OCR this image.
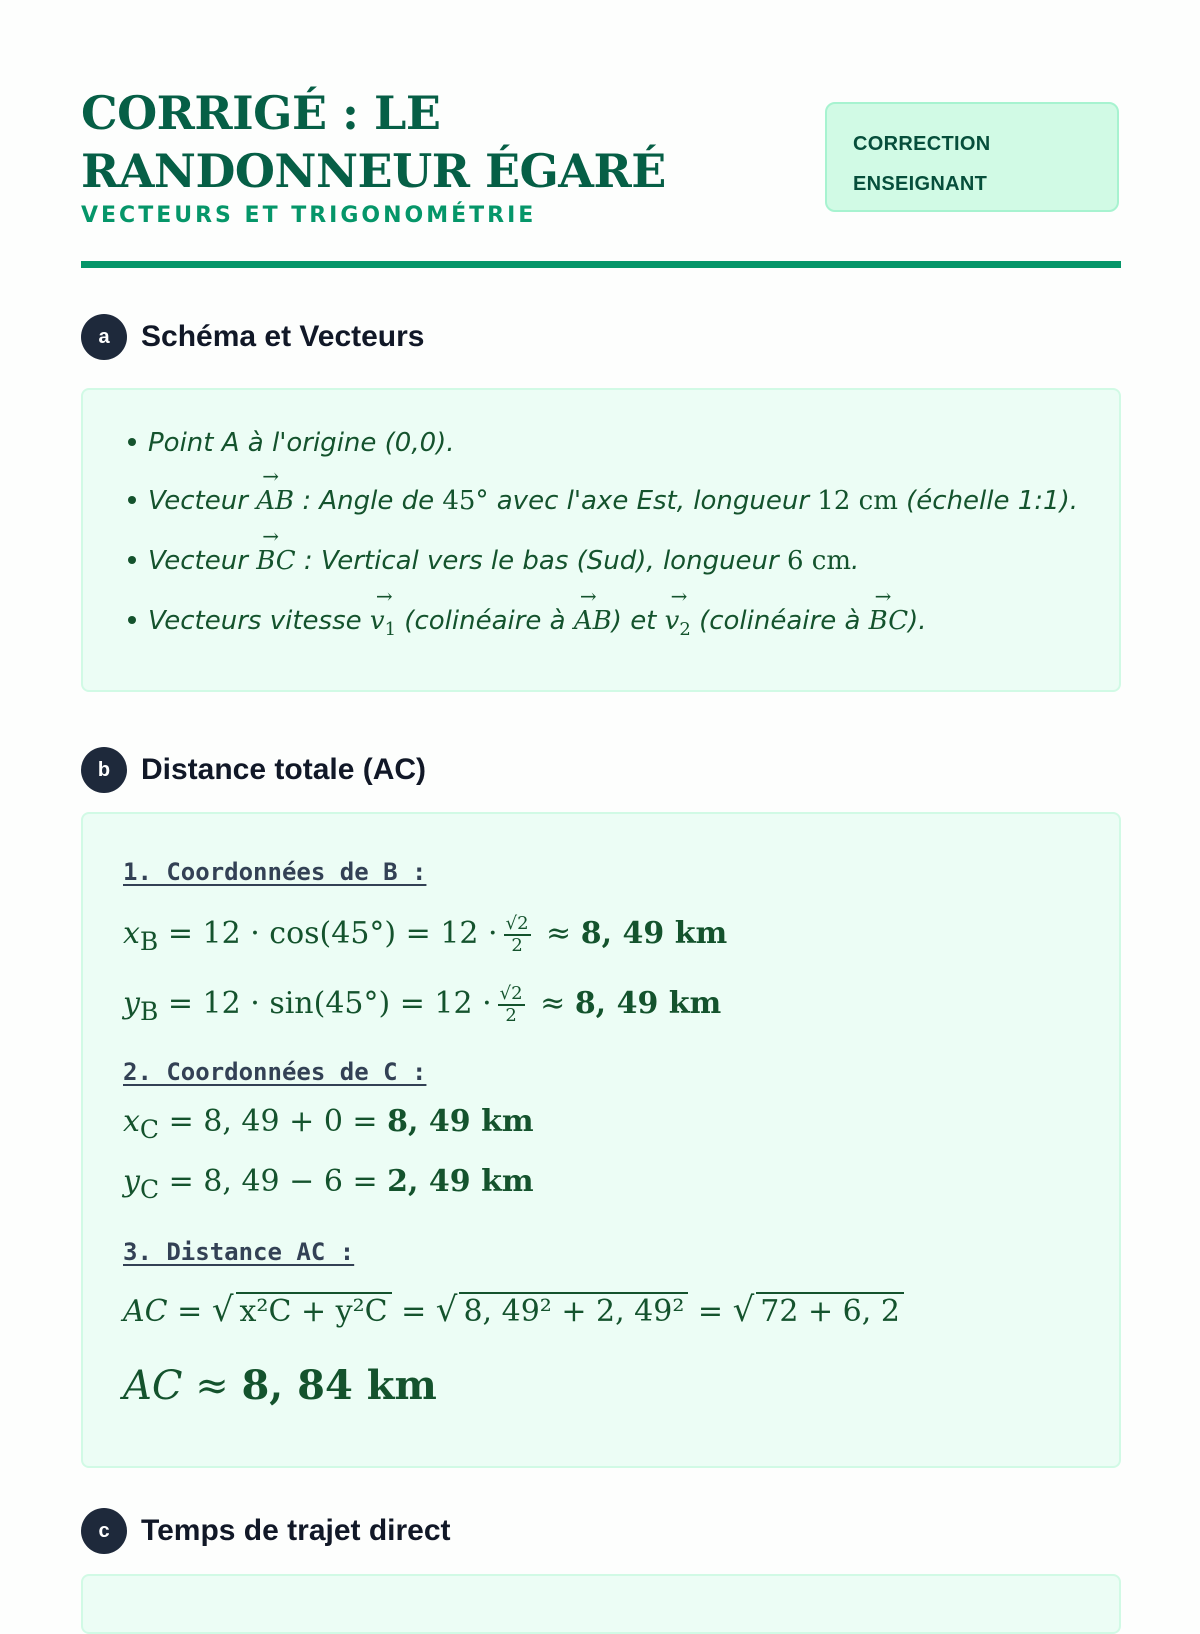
CORRIGÉ : LE RANDONNEUR ÉGARÉ
VECTEURS ET TRIGONOMÉTRIE
CORRECTION
ENSEIGNANT
a	Schéma et Vecteurs
Point A à l'origine (0,0).
Vecteur → AB : Angle de 45° avec l'axe Est, longueur 12 cm (échelle 1:1).
Vecteur → BC : Vertical vers le bas (Sud), longueur 6 cm.
Vecteurs vitesse → $v_1$ (colinéaire à → AB) et → $v_2$ (colinéaire à → BC).
b	Distance totale (AC)
1. Coordonnées de B :
$x_B = 12 \cdot \cos(45^\circ) = 12 \cdot \frac{√2}{2} \approx 8$, 49 km
$y_B = 12 \cdot \sin(45^\circ) = 12 \cdot \frac{√2}{2} \approx 8$, 49 km
2. Coordonnées de C :
$x_C = 8$, 49 + 0 = 8, 49 km
$y_C = 8$, 49 − 6 = 2, 49 km
3. Distance AC :
AC = √ x²C + y²C = √ 8, 49² + 2, 49² = √ 72 + 6, 2
AC ≈ 8, 84 km
c	Temps de trajet direct
